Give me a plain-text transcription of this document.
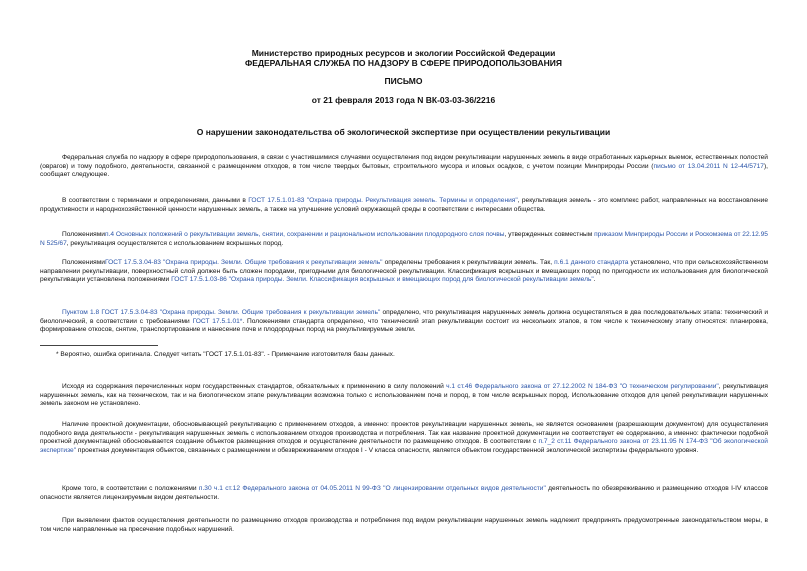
Министерство природных ресурсов и экологии Российской Федерации
ФЕДЕРАЛЬНАЯ СЛУЖБА ПО НАДЗОРУ В СФЕРЕ ПРИРОДОПОЛЬЗОВАНИЯ
ПИСЬМО
от 21 февраля 2013 года N ВК-03-03-36/2216
О нарушении законодательства об экологической экспертизе при осуществлении рекультивации

Федеральная служба по надзору в сфере природопользования, в связи с участившимися случаями осуществления под видом рекультивации нарушенных земель в виде отработанных карьерных выемок, естественных полостей (оврагов) и тому подобного, деятельности, связанной с размещением отходов, в том числе твердых бытовых, строительного мусора и иловых осадков, с учетом позиции Минприроды России (письмо от 13.04.2011 N 12-44/5717), сообщает следующее.

В соответствии с терминами и определениями, данными в ГОСТ 17.5.1.01-83 "Охрана природы. Рекультивация земель. Термины и определения", рекультивация земель - это комплекс работ, направленных на восстановление продуктивности и народнохозяйственной ценности нарушенных земель, а также на улучшение условий окружающей среды в соответствии с интересами общества.

Положениямип.4 Основных положений о рекультивации земель, снятии, сохранении и рациональном использовании плодородного слоя почвы, утвержденных совместным приказом Минприроды России и Роскомзема от 22.12.95 N 525/67, рекультивация осуществляется с использованием вскрышных пород.

ПоложениямиГОСТ 17.5.3.04-83 "Охрана природы. Земли. Общие требования к рекультивации земель" определены требования к рекультивации земель. Так, п.6.1 данного стандарта установлено, что при сельскохозяйственном направлении рекультивации, поверхностный слой должен быть сложен породами, пригодными для биологической рекультивации. Классификация вскрышных и вмещающих пород по пригодности их использования для биологической рекультивации установлена положениями ГОСТ 17.5.1.03-86 "Охрана природы. Земли. Классификация вскрышных и вмещающих пород для биологической рекультивации земель".

Пунктом 1.8 ГОСТ 17.5.3.04-83 "Охрана природы. Земли. Общие требования к рекультивации земель" определено, что рекультивация нарушенных земель должна осуществляться в два последовательных этапа: технический и биологический, в соответствии с требованиями ГОСТ 17.5.1.01*. Положениями стандарта определено, что технический этап рекультивации состоит из нескольких этапов, в том числе к техническому этапу относятся: планировка, формирование откосов, снятие, транспортирование и нанесение почв и плодородных пород на рекультивируемые земли.

* Вероятно, ошибка оригинала. Следует читать "ГОСТ 17.5.1.01-83". - Примечание изготовителя базы данных.

Исходя из содержания перечисленных норм государственных стандартов, обязательных к применению в силу положений ч.1 ст.46 Федерального закона от 27.12.2002 N 184-ФЗ "О техническом регулировании", рекультивация нарушенных земель, как на техническом, так и на биологическом этапе рекультивации возможна только с использованием почв и пород, в том числе вскрышных пород. Использование отходов для целей рекультивации нарушенных земель законом не установлено.

Наличие проектной документации, обосновывающей рекультивацию с применением отходов, а именно: проектов рекультивации нарушенных земель, не является основанием (разрешающим документом) для осуществления подобного вида деятельности - рекультивация нарушенных земель с использованием отходов производства и потребления. Так как название проектной документации не соответствует ее содержанию, а именно: фактически подобной проектной документацией обосновывается создание объектов размещения отходов и осуществление деятельности по размещению отходов. В соответствии с п.7_2 ст.11 Федерального закона от 23.11.95 N 174-ФЗ "Об экологической экспертизе" проектная документация объектов, связанных с размещением и обезвреживанием отходов I - V класса опасности, является объектом государственной экологической экспертизы федерального уровня.

Кроме того, в соответствии с положениями п.30 ч.1 ст.12 Федерального закона от 04.05.2011 N 99-ФЗ "О лицензировании отдельных видов деятельности" деятельность по обезвреживанию и размещению отходов I-IV классов опасности является лицензируемым видом деятельности.

При выявлении фактов осуществления деятельности по размещению отходов производства и потребления под видом рекультивации нарушенных земель надлежит предпринять предусмотренные законодательством меры, в том числе направленные на пресечение подобных нарушений.
